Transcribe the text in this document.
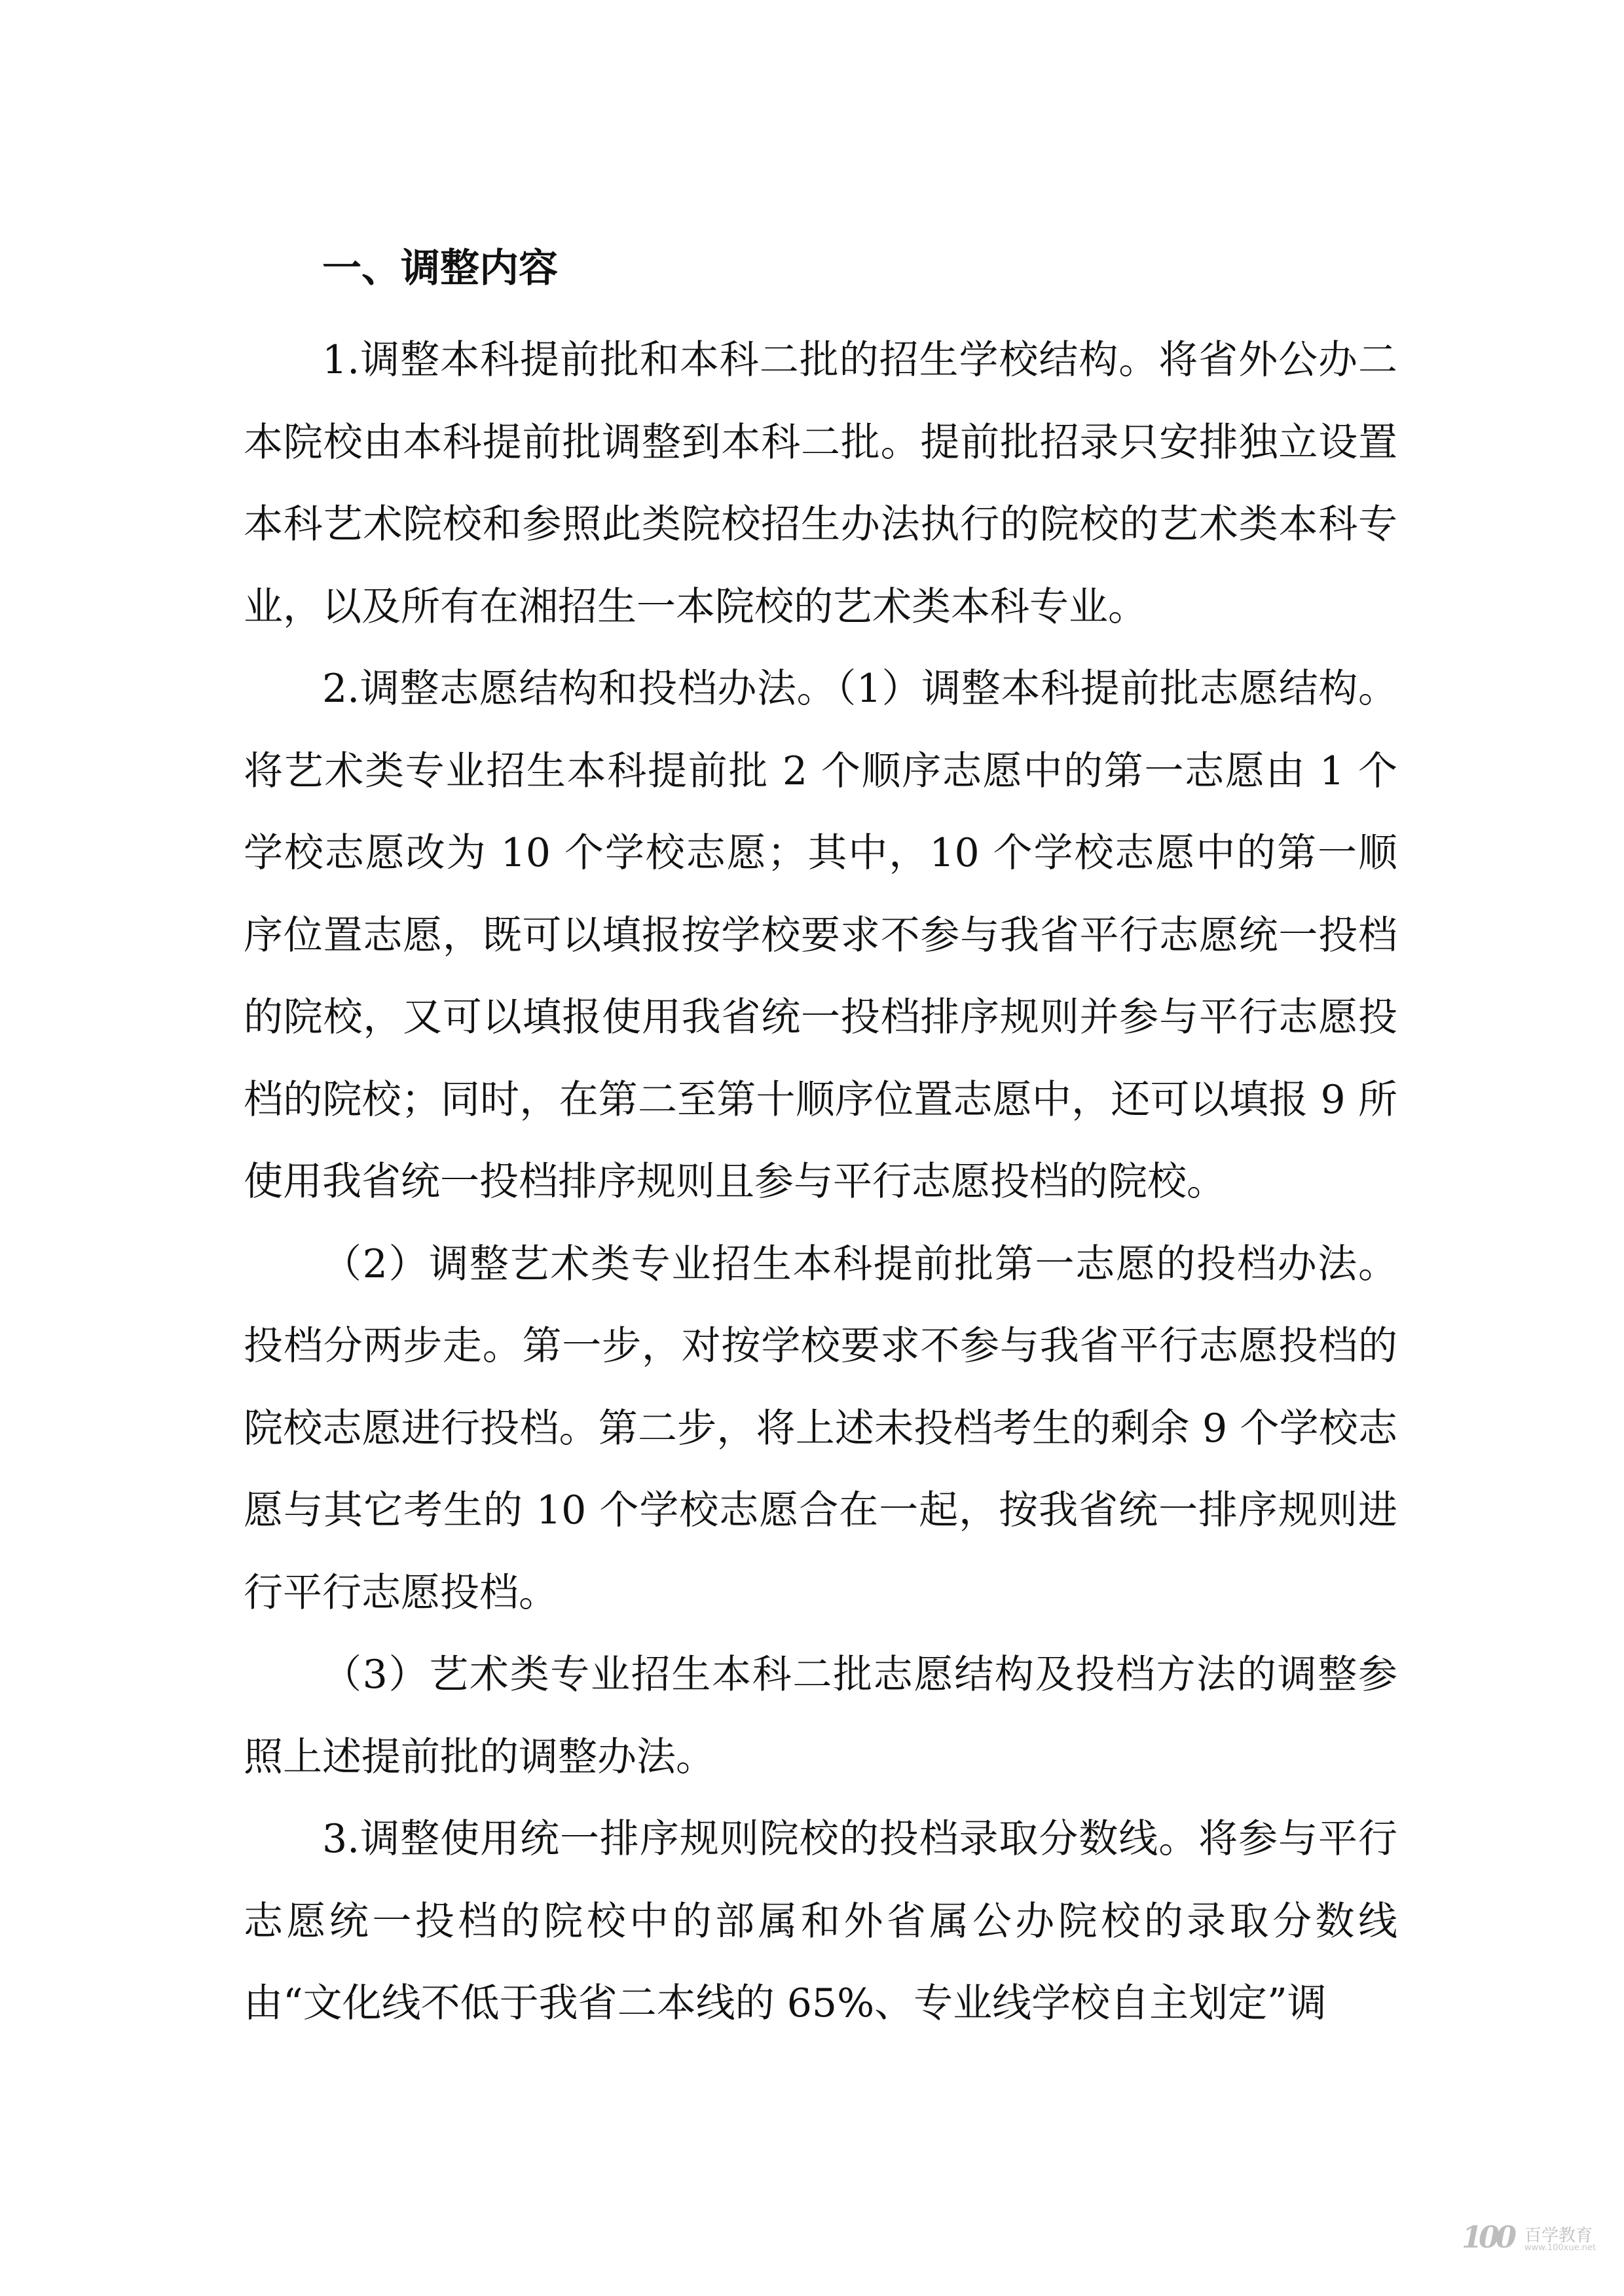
一、调整内容

1.调整本科提前批和本科二批的招生学校结构。将省外公办二本院校由本科提前批调整到本科二批。提前批招录只安排独立设置本科艺术院校和参照此类院校招生办法执行的院校的艺术类本科专业，以及所有在湘招生一本院校的艺术类本科专业。

2.调整志愿结构和投档办法。（1）调整本科提前批志愿结构。将艺术类专业招生本科提前批 2 个顺序志愿中的第一志愿由 1 个学校志愿改为 10 个学校志愿；其中，10 个学校志愿中的第一顺序位置志愿，既可以填报按学校要求不参与我省平行志愿统一投档的院校，又可以填报使用我省统一投档排序规则并参与平行志愿投档的院校；同时，在第二至第十顺序位置志愿中，还可以填报 9 所使用我省统一投档排序规则且参与平行志愿投档的院校。

（2）调整艺术类专业招生本科提前批第一志愿的投档办法。投档分两步走。第一步，对按学校要求不参与我省平行志愿投档的院校志愿进行投档。第二步，将上述未投档考生的剩余 9 个学校志愿与其它考生的 10 个学校志愿合在一起，按我省统一排序规则进行平行志愿投档。

（3）艺术类专业招生本科二批志愿结构及投档方法的调整参照上述提前批的调整办法。

3.调整使用统一排序规则院校的投档录取分数线。将参与平行志愿统一投档的院校中的部属和外省属公办院校的录取分数线由“文化线不低于我省二本线的 65%、专业线学校自主划定”调

100 百学教育
www.100xue.net
